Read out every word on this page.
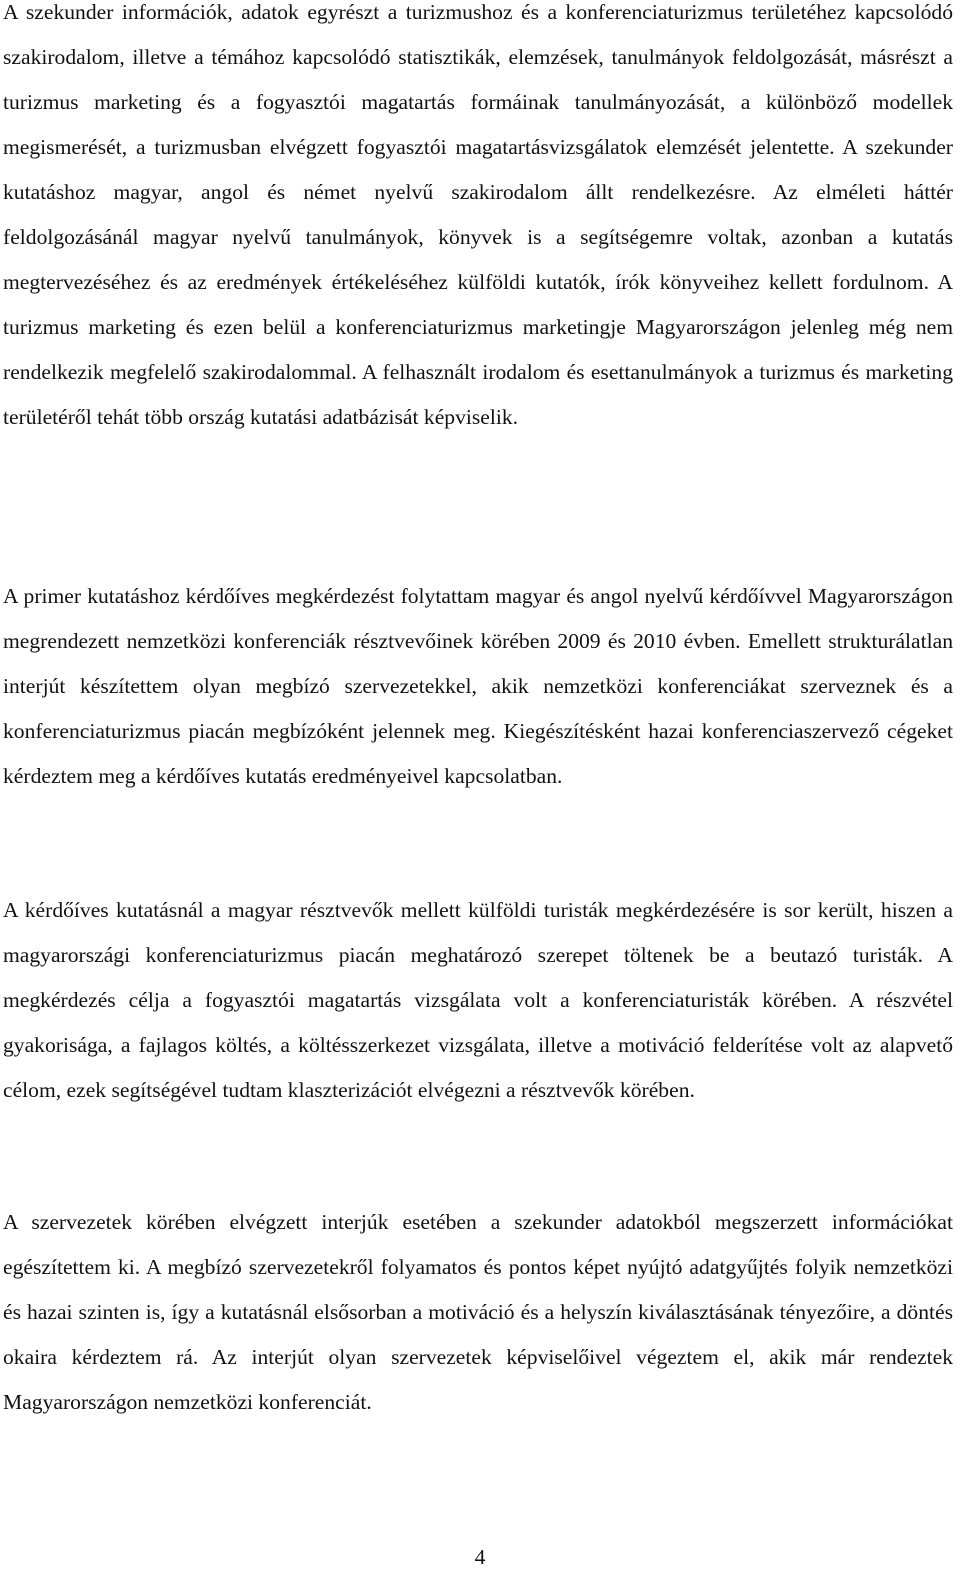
A szekunder információk, adatok egyrészt a turizmushoz és a konferenciaturizmus területéhez kapcsolódó szakirodalom, illetve a témához kapcsolódó statisztikák, elemzések, tanulmányok feldolgozását, másrészt a turizmus marketing és a fogyasztói magatartás formáinak tanulmányozását, a különböző modellek megismerését, a turizmusban elvégzett fogyasztói magatartásvizsgálatok elemzését jelentette. A szekunder kutatáshoz magyar, angol és német nyelvű szakirodalom állt rendelkezésre. Az elméleti háttér feldolgozásánál magyar nyelvű tanulmányok, könyvek is a segítségemre voltak, azonban a kutatás megtervezéséhez és az eredmények értékeléséhez külföldi kutatók, írók könyveihez kellett fordulnom. A turizmus marketing és ezen belül a konferenciaturizmus marketingje Magyarországon jelenleg még nem rendelkezik megfelelő szakirodalommal. A felhasznált irodalom és esettanulmányok a turizmus és marketing területéről tehát több ország kutatási adatbázisát képviselik.

A primer kutatáshoz kérdőíves megkérdezést folytattam magyar és angol nyelvű kérdőívvel Magyarországon megrendezett nemzetközi konferenciák résztvevőinek körében 2009 és 2010 évben. Emellett strukturálatlan interjút készítettem olyan megbízó szervezetekkel, akik nemzetközi konferenciákat szerveznek és a konferenciaturizmus piacán megbízóként jelennek meg. Kiegészítésként hazai konferenciaszervező cégeket kérdeztem meg a kérdőíves kutatás eredményeivel kapcsolatban.

A kérdőíves kutatásnál a magyar résztvevők mellett külföldi turisták megkérdezésére is sor került, hiszen a magyarországi konferenciaturizmus piacán meghatározó szerepet töltenek be a beutazó turisták. A megkérdezés célja a fogyasztói magatartás vizsgálata volt a konferenciaturisták körében. A részvétel gyakorisága, a fajlagos költés, a költésszerkezet vizsgálata, illetve a motiváció felderítése volt az alapvető célom, ezek segítségével tudtam klaszterizációt elvégezni a résztvevők körében.

A szervezetek körében elvégzett interjúk esetében a szekunder adatokból megszerzett információkat egészítettem ki. A megbízó szervezetekről folyamatos és pontos képet nyújtó adatgyűjtés folyik nemzetközi és hazai szinten is, így a kutatásnál elsősorban a motiváció és a helyszín kiválasztásának tényezőire, a döntés okaira kérdeztem rá. Az interjút olyan szervezetek képviselőivel végeztem el, akik már rendeztek Magyarországon nemzetközi konferenciát.

4
